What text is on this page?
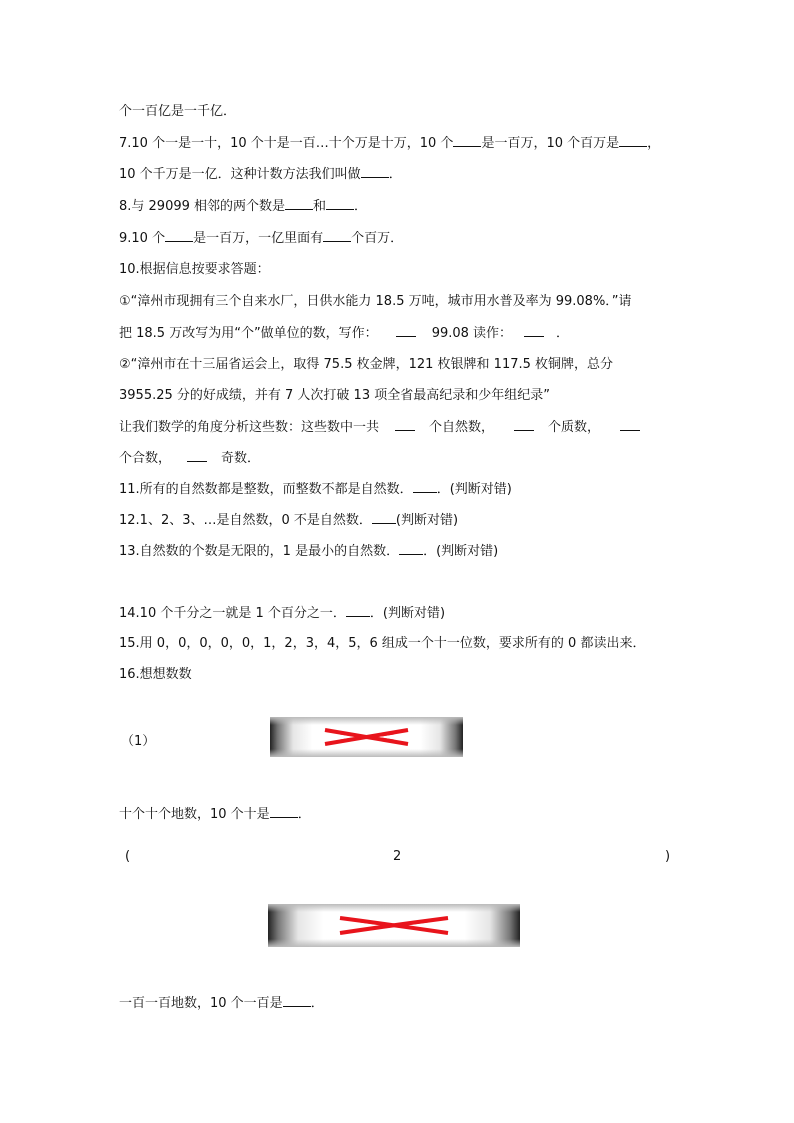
个一百亿是一千亿．
7.10 个一是一十，10 个十是一百…十个万是十万，10 个 是一百万，10 个百万是 ，
10 个千万是一亿．这种计数方法我们叫做 ．
8.与 29099 相邻的两个数是 和 ．
9.10 个 是一百万，一亿里面有 个百万．
10.根据信息按要求答题：
①“漳州市现拥有三个自来水厂，日供水能力 18.5 万吨，城市用水普及率为 99.08%．”请
把 18.5 万改写为用“个”做单位的数，写作：	99.08 读作：	．
②“漳州市在十三届省运会上，取得 75.5 枚金牌，121 枚银牌和 117.5 枚铜牌，总分
3955.25 分的好成绩，并有 7 人次打破 13 项全省最高纪录和少年组纪录”
让我们数学的角度分析这些数：这些数中一共	个自然数，	个质数，
个合数，	奇数．
11.所有的自然数都是整数，而整数不都是自然数． ．(判断对错)
12.1、2、3、…是自然数，0 不是自然数． (判断对错)
13.自然数的个数是无限的，1 是最小的自然数． ．(判断对错)
14.10 个千分之一就是 1 个百分之一． ．(判断对错)
15.用 0，0，0，0，0，1，2，3，4，5，6 组成一个十一位数，要求所有的 0 都读出来．
16.想想数数
（1）
十个十个地数，10 个十是 ．
(	2	)
一百一百地数，10 个一百是 ．
